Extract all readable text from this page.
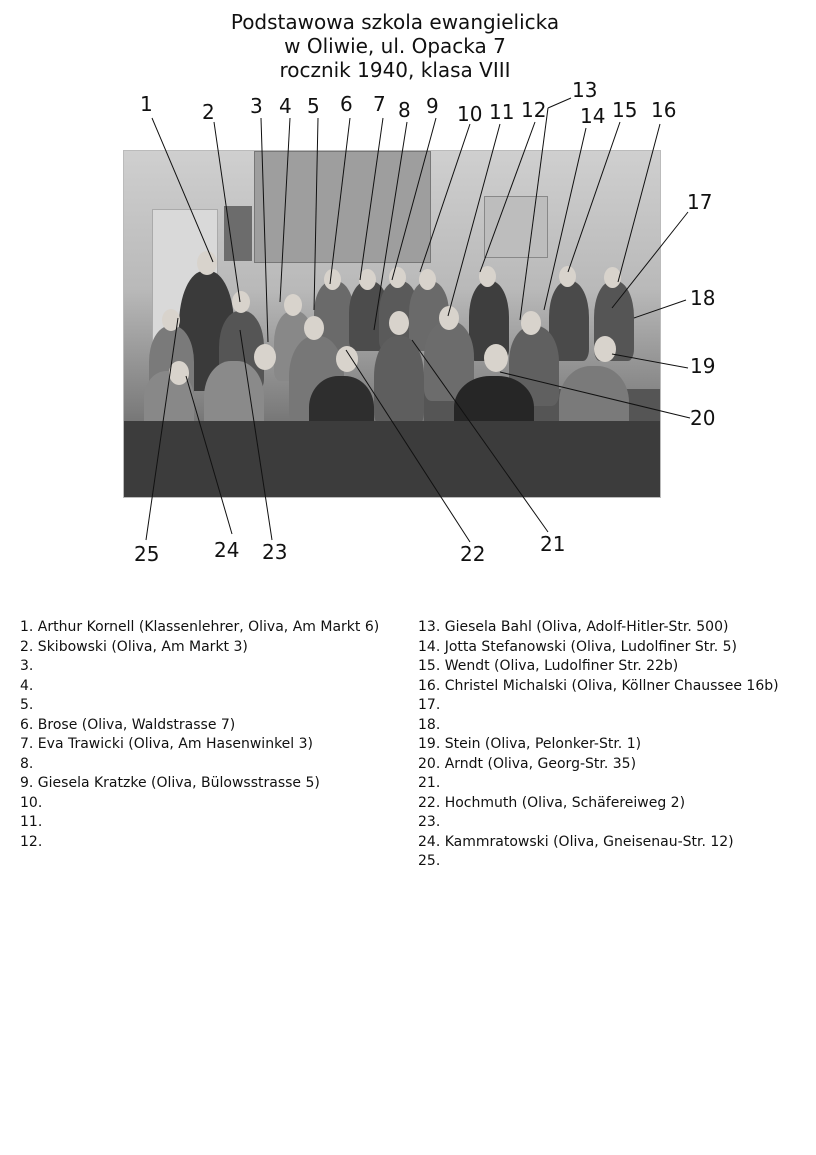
Podstawowa szkola ewangielicka
w Oliwie, ul. Opacka 7
rocznik 1940, klasa VIII
1 2 3 4 5 6 7 8 9 10 11 12
13
14 15 16
17
18
19
20
21
22
23
24
25
1. Arthur Kornell (Klassenlehrer, Oliva, Am Markt 6)
2. Skibowski (Oliva, Am Markt 3)
3.
4.
5.
6. Brose (Oliva, Waldstrasse 7)
7. Eva Trawicki (Oliva, Am Hasenwinkel 3)
8.
9. Giesela Kratzke (Oliva, Bülowsstrasse 5)
10.
11.
12.
13. Giesela Bahl (Oliva, Adolf-Hitler-Str. 500)
14. Jotta Stefanowski (Oliva, Ludolfiner Str. 5)
15. Wendt (Oliva, Ludolfiner Str. 22b)
16. Christel Michalski (Oliva, Köllner Chaussee 16b)
17.
18.
19. Stein (Oliva, Pelonker-Str. 1)
20. Arndt (Oliva, Georg-Str. 35)
21.
22. Hochmuth (Oliva, Schäfereiweg 2)
23.
24. Kammratowski (Oliva, Gneisenau-Str. 12)
25.
